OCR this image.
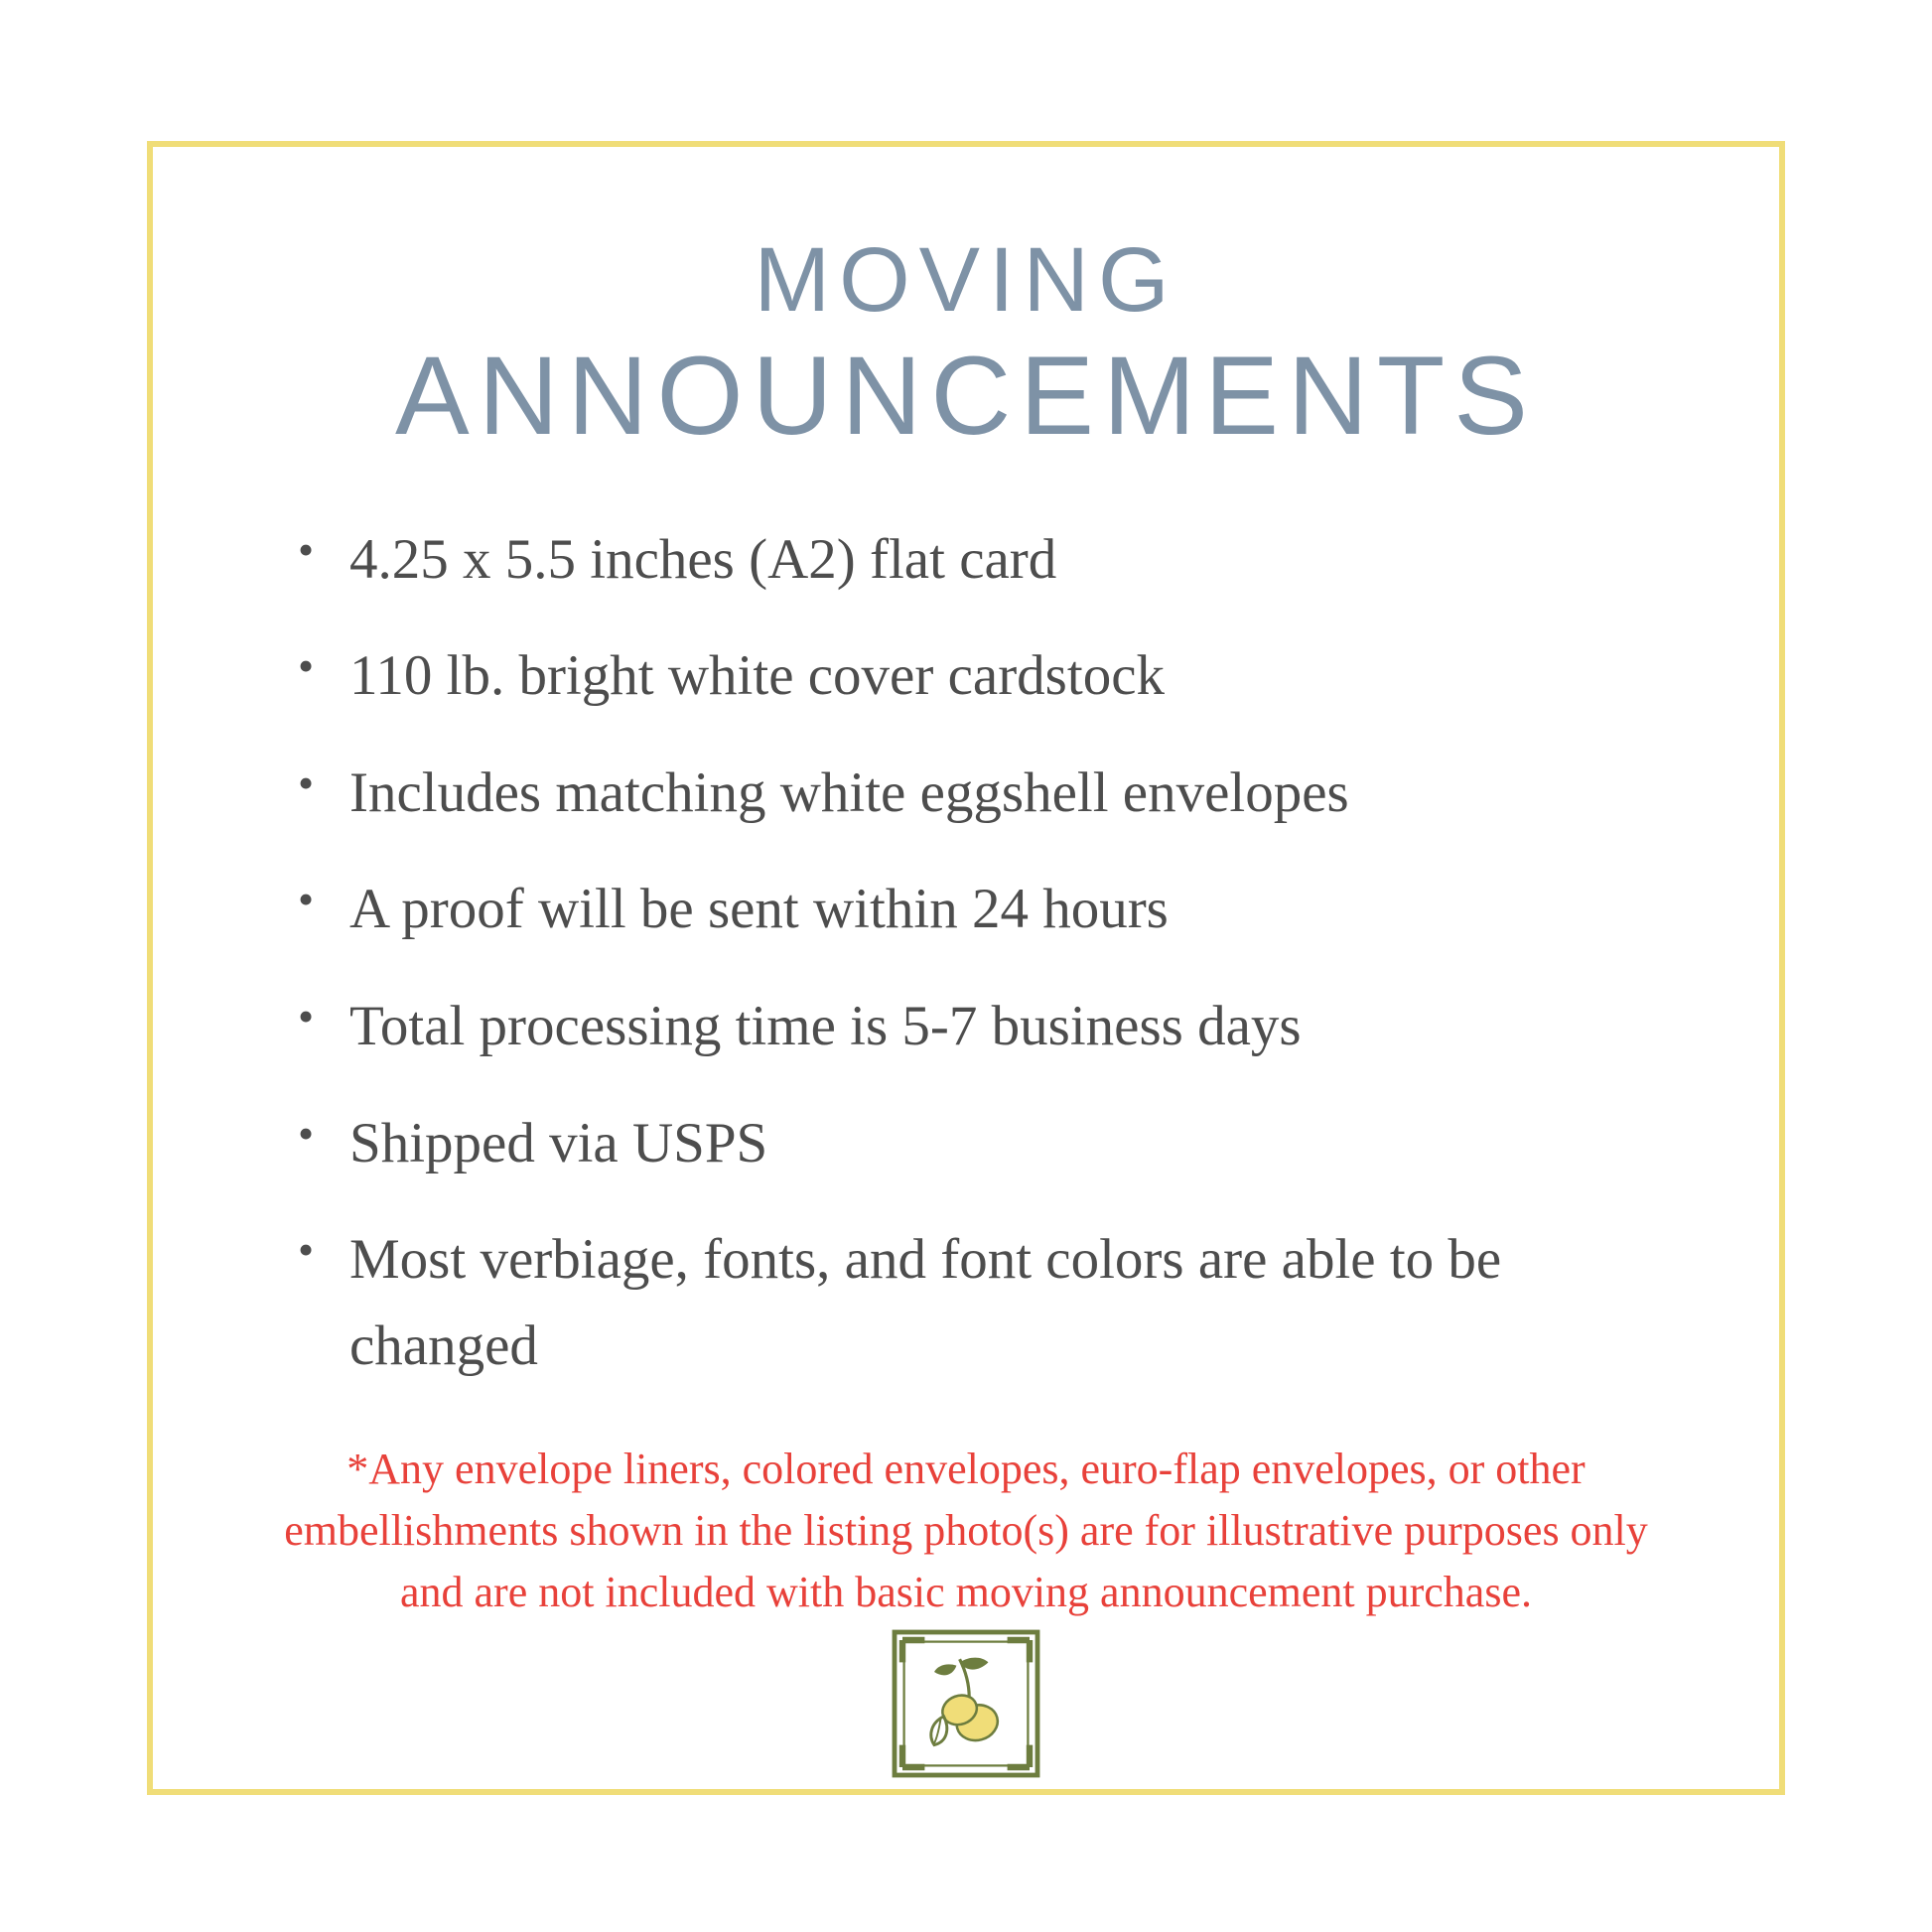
MOVING
ANNOUNCEMENTS
• 4.25 x 5.5 inches (A2) flat card
• 110 lb. bright white cover cardstock
• Includes matching white eggshell envelopes
• A proof will be sent within 24 hours
• Total processing time is 5-7 business days
• Shipped via USPS
• Most verbiage, fonts, and font colors are able to be changed

*Any envelope liners, colored envelopes, euro-flap envelopes, or other embellishments shown in the listing photo(s) are for illustrative purposes only and are not included with basic moving announcement purchase.
